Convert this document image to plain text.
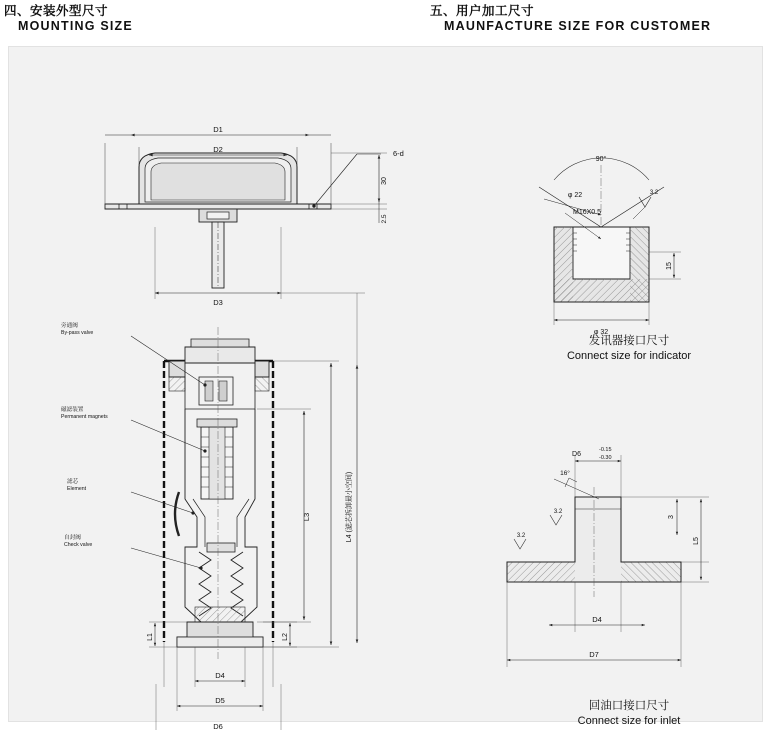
四、安装外型尺寸
MOUNTING SIZE
五、用户加工尺寸
MAUNFACTURE SIZE FOR CUSTOMER
D1
D2	6-d
30
2.5
D3
L4 (滤芯拆卸最小空间)
L3
L1	L2
D4
D5
D6
90°
φ 22
M16X0.5
3.2
15
φ 32
D6
-0.15
-0.30
16°
3.2
3.2
3
L5
D4
D7
旁通阀
By-pass valve
磁滤装置
Permanent magnets
滤芯
Element
自封阀
Check valve
发讯器接口尺寸
Connect size for indicator
回油口接口尺寸
Connect size for inlet
